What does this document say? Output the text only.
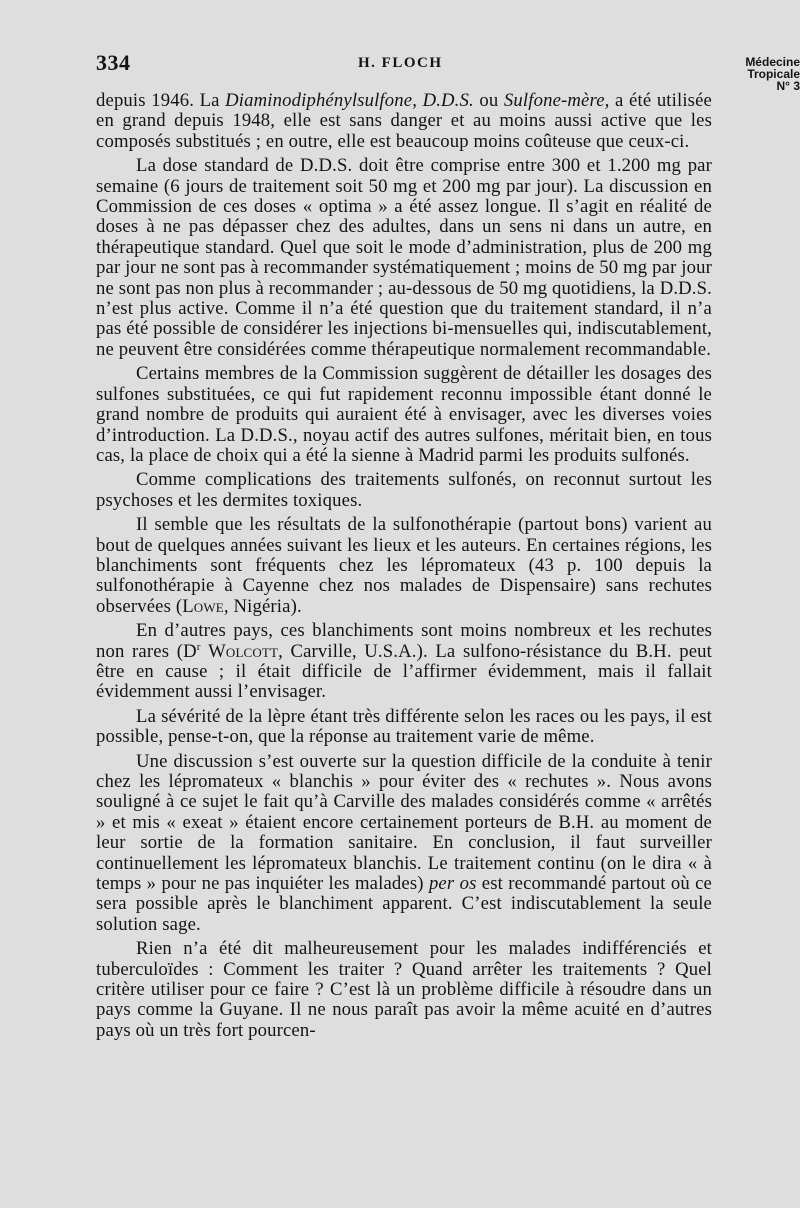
334	H. FLOCH	Médecine
Tropicale
N° 3

depuis 1946. La Diaminodiphénylsulfone, D.D.S. ou Sulfone-mère, a été utilisée en grand depuis 1948, elle est sans danger et au moins aussi active que les composés substitués ; en outre, elle est beaucoup moins coûteuse que ceux-ci.

La dose standard de D.D.S. doit être comprise entre 300 et 1.200 mg par semaine (6 jours de traitement soit 50 mg et 200 mg par jour). La discussion en Commission de ces doses « optima » a été assez longue. Il s’agit en réalité de doses à ne pas dépasser chez des adultes, dans un sens ni dans un autre, en thérapeutique standard. Quel que soit le mode d’administration, plus de 200 mg par jour ne sont pas à recommander systématiquement ; moins de 50 mg par jour ne sont pas non plus à recommander ; au-dessous de 50 mg quotidiens, la D.D.S. n’est plus active. Comme il n’a été question que du traitement standard, il n’a pas été possible de considérer les injections bi-mensuelles qui, indiscutablement, ne peuvent être considérées comme thérapeutique normalement recommandable.

Certains membres de la Commission suggèrent de détailler les dosages des sulfones substituées, ce qui fut rapidement reconnu impossible étant donné le grand nombre de produits qui auraient été à envisager, avec les diverses voies d’introduction. La D.D.S., noyau actif des autres sulfones, méritait bien, en tous cas, la place de choix qui a été la sienne à Madrid parmi les produits sulfonés.

Comme complications des traitements sulfonés, on reconnut surtout les psychoses et les dermites toxiques.

Il semble que les résultats de la sulfonothérapie (partout bons) varient au bout de quelques années suivant les lieux et les auteurs. En certaines régions, les blanchiments sont fréquents chez les lépromateux (43 p. 100 depuis la sulfonothérapie à Cayenne chez nos malades de Dispensaire) sans rechutes observées (Lowe, Nigéria).

En d’autres pays, ces blanchiments sont moins nombreux et les rechutes non rares ($D^r$ Wolcott, Carville, U.S.A.). La sulfono-résistance du B.H. peut être en cause ; il était difficile de l’affirmer évidemment, mais il fallait évidemment aussi l’envisager.

La sévérité de la lèpre étant très différente selon les races ou les pays, il est possible, pense-t-on, que la réponse au traitement varie de même.

Une discussion s’est ouverte sur la question difficile de la conduite à tenir chez les lépromateux « blanchis » pour éviter des « rechutes ». Nous avons souligné à ce sujet le fait qu’à Carville des malades considérés comme « arrêtés » et mis « exeat » étaient encore certainement porteurs de B.H. au moment de leur sortie de la formation sanitaire. En conclusion, il faut surveiller continuellement les lépromateux blanchis. Le traitement continu (on le dira « à temps » pour ne pas inquiéter les malades) per os est recommandé partout où ce sera possible après le blanchiment apparent. C’est indiscutablement la seule solution sage.

Rien n’a été dit malheureusement pour les malades indifférenciés et tuberculoïdes : Comment les traiter ? Quand arrêter les traitements ? Quel critère utiliser pour ce faire ? C’est là un problème difficile à résoudre dans un pays comme la Guyane. Il ne nous paraît pas avoir la même acuité en d’autres pays où un très fort pourcen-
